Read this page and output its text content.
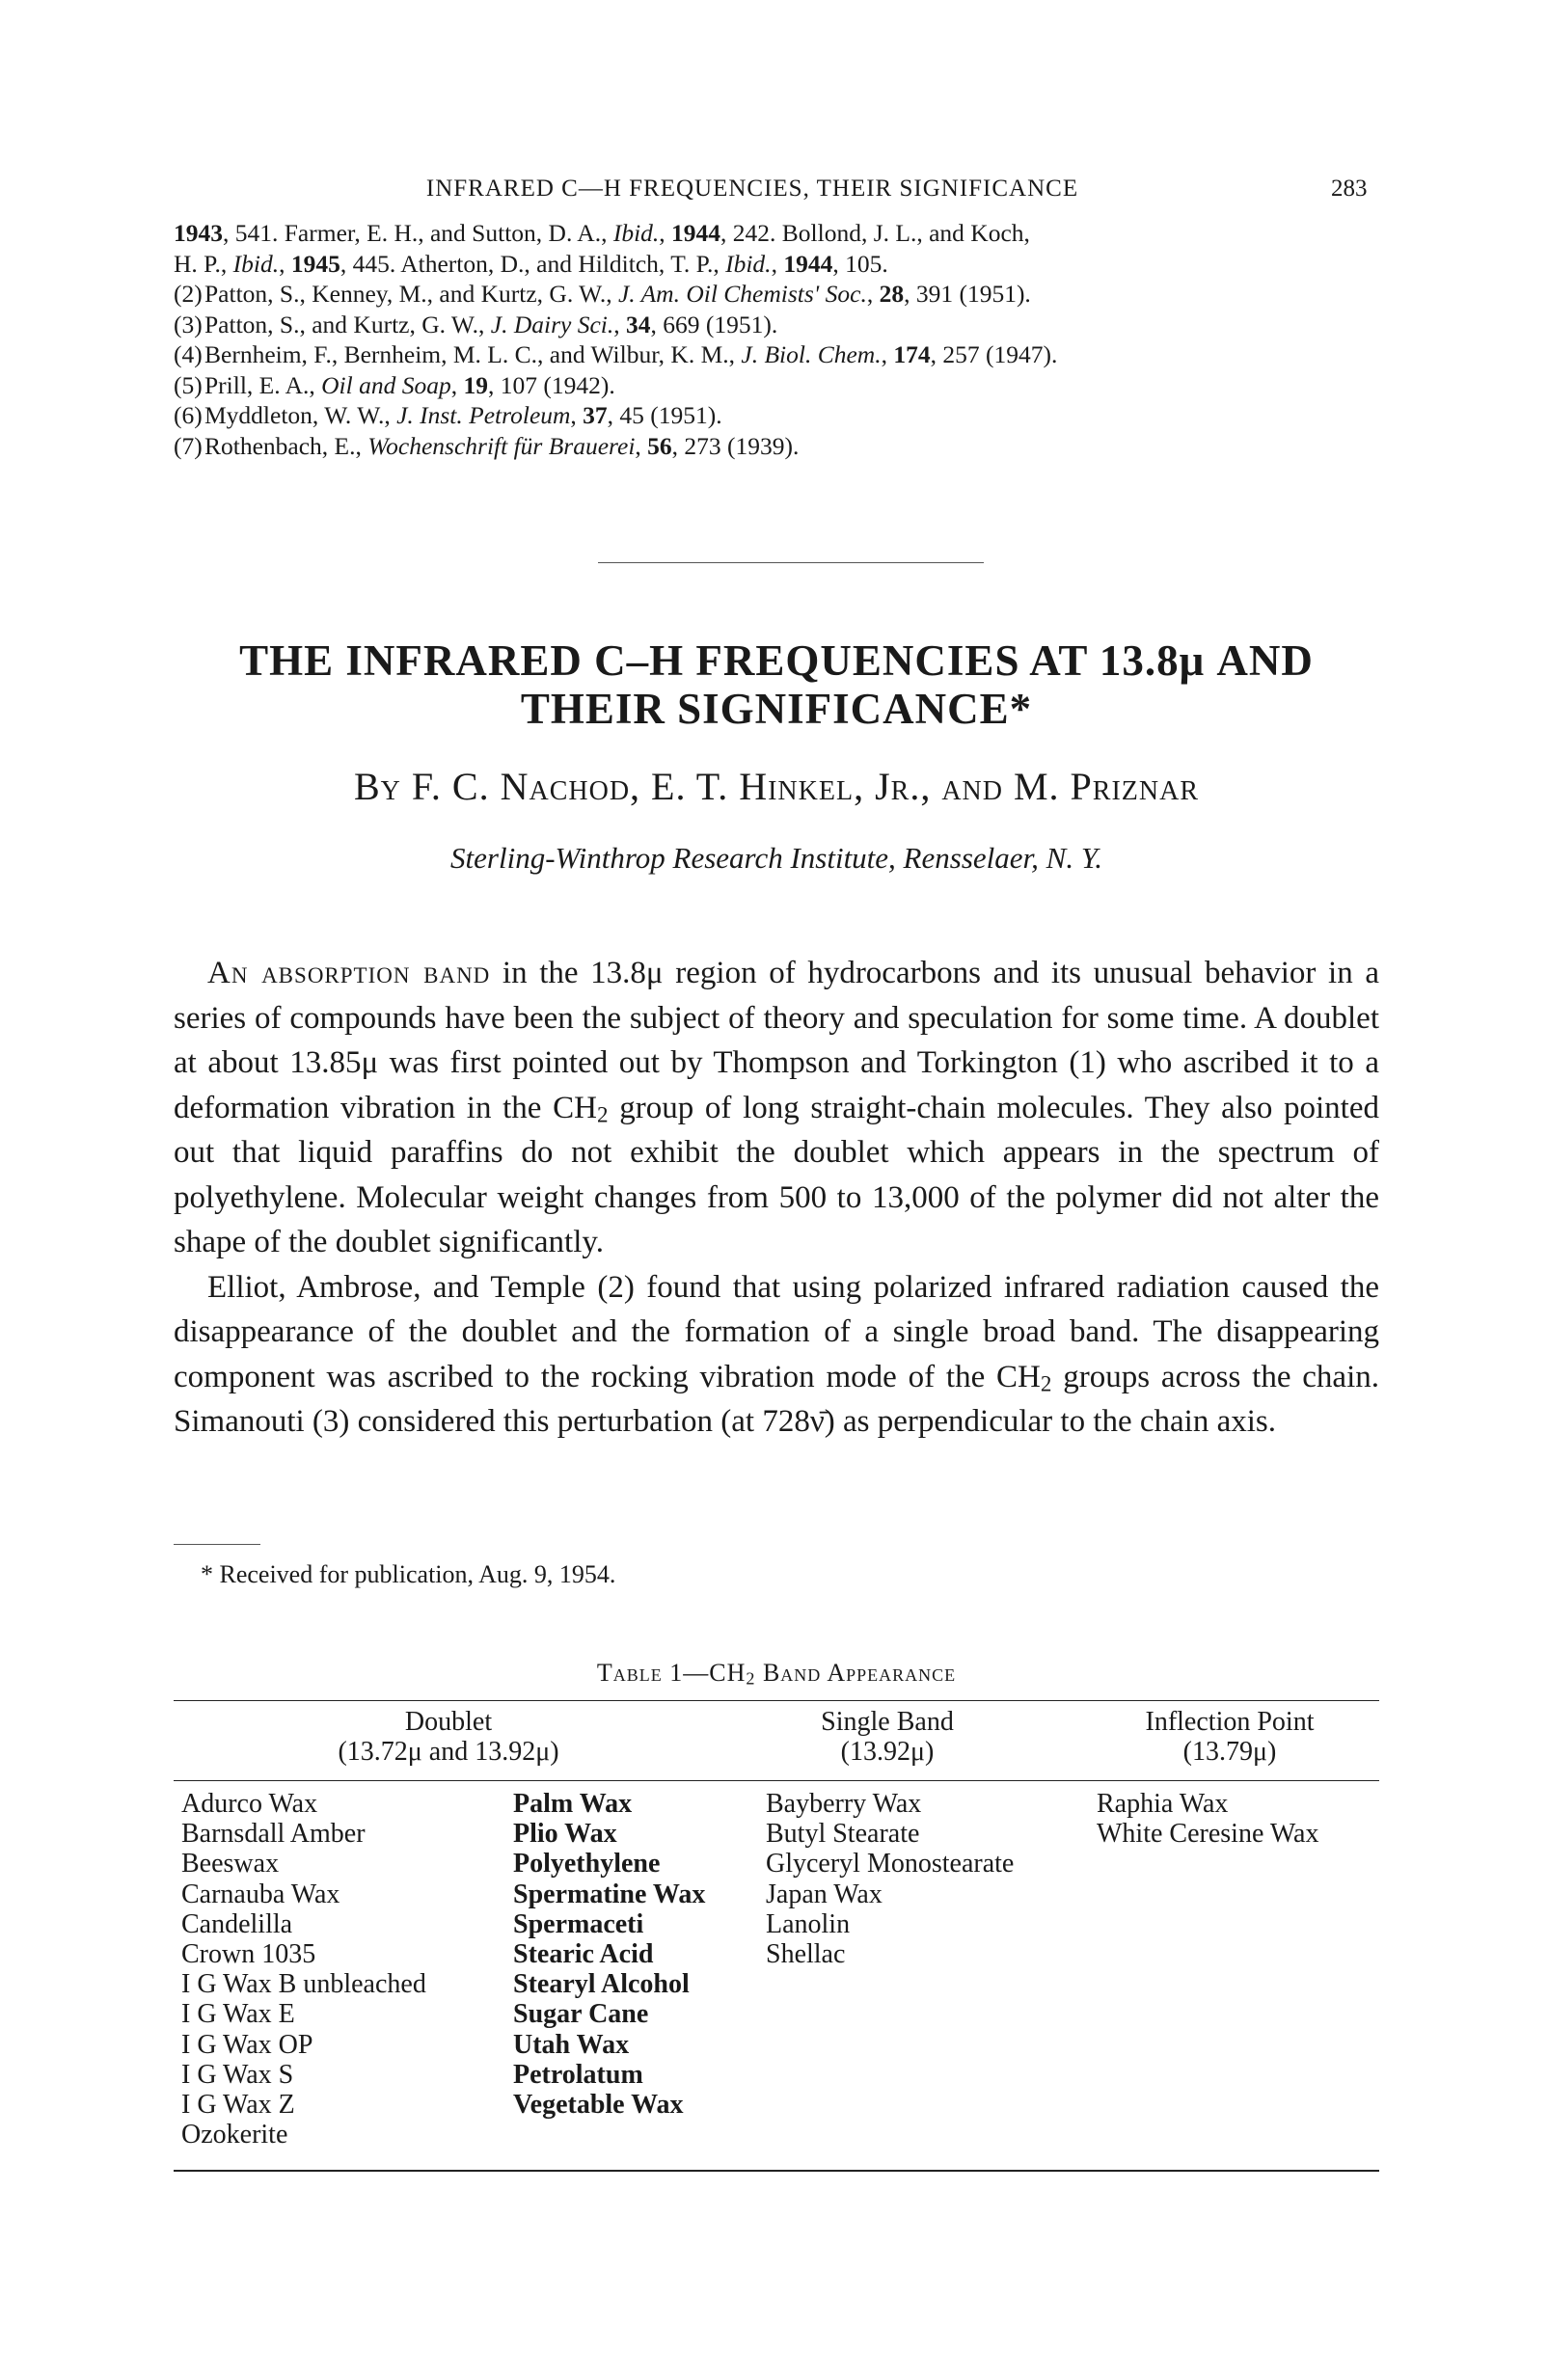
INFRARED C—H FREQUENCIES, THEIR SIGNIFICANCE	283
1943, 541. Farmer, E. H., and Sutton, D. A., Ibid., 1944, 242. Bollond, J. L., and Koch,
H. P., Ibid., 1945, 445. Atherton, D., and Hilditch, T. P., Ibid., 1944, 105.
(2)Patton, S., Kenney, M., and Kurtz, G. W., J. Am. Oil Chemists' Soc., 28, 391 (1951).
(3)Patton, S., and Kurtz, G. W., J. Dairy Sci., 34, 669 (1951).
(4)Bernheim, F., Bernheim, M. L. C., and Wilbur, K. M., J. Biol. Chem., 174, 257 (1947).
(5)Prill, E. A., Oil and Soap, 19, 107 (1942).
(6)Myddleton, W. W., J. Inst. Petroleum, 37, 45 (1951).
(7)Rothenbach, E., Wochenschrift für Brauerei, 56, 273 (1939).
THE INFRARED C–H FREQUENCIES AT 13.8μ AND
THEIR SIGNIFICANCE*
By F. C. Nachod, E. T. Hinkel, Jr., and M. Priznar
Sterling-Winthrop Research Institute, Rensselaer, N. Y.

An absorption band in the 13.8μ region of hydrocarbons and its unusual behavior in a series of compounds have been the subject of theory and speculation for some time. A doublet at about 13.85μ was first pointed out by Thompson and Torkington (1) who ascribed it to a deformation vibration in the $CH_2$ group of long straight-chain molecules. They also pointed out that liquid paraffins do not exhibit the doublet which appears in the spectrum of polyethylene. Molecular weight changes from 500 to 13,000 of the polymer did not alter the shape of the doublet significantly.

Elliot, Ambrose, and Temple (2) found that using polarized infrared radiation caused the disappearance of the doublet and the formation of a single broad band. The disappearing component was ascribed to the rocking vibration mode of the $CH_2$ groups across the chain. Simanouti (3) considered this perturbation (at 728ν̄) as perpendicular to the chain axis.

* Received for publication, Aug. 9, 1954.
Table $1—CH_2$ Band Appearance
Doublet
(13.72μ and 13.92μ)
Single Band
(13.92μ)
Inflection Point
(13.79μ)
Adurco Wax
Barnsdall Amber
Beeswax
Carnauba Wax
Candelilla
Crown 1035
I G Wax B unbleached
I G Wax E
I G Wax OP
I G Wax S
I G Wax Z
Ozokerite
Palm Wax
Plio Wax
Polyethylene
Spermatine Wax
Spermaceti
Stearic Acid
Stearyl Alcohol
Sugar Cane
Utah Wax
Petrolatum
Vegetable Wax
Bayberry Wax
Butyl Stearate
Glyceryl Monostearate
Japan Wax
Lanolin
Shellac
Raphia Wax
White Ceresine Wax
